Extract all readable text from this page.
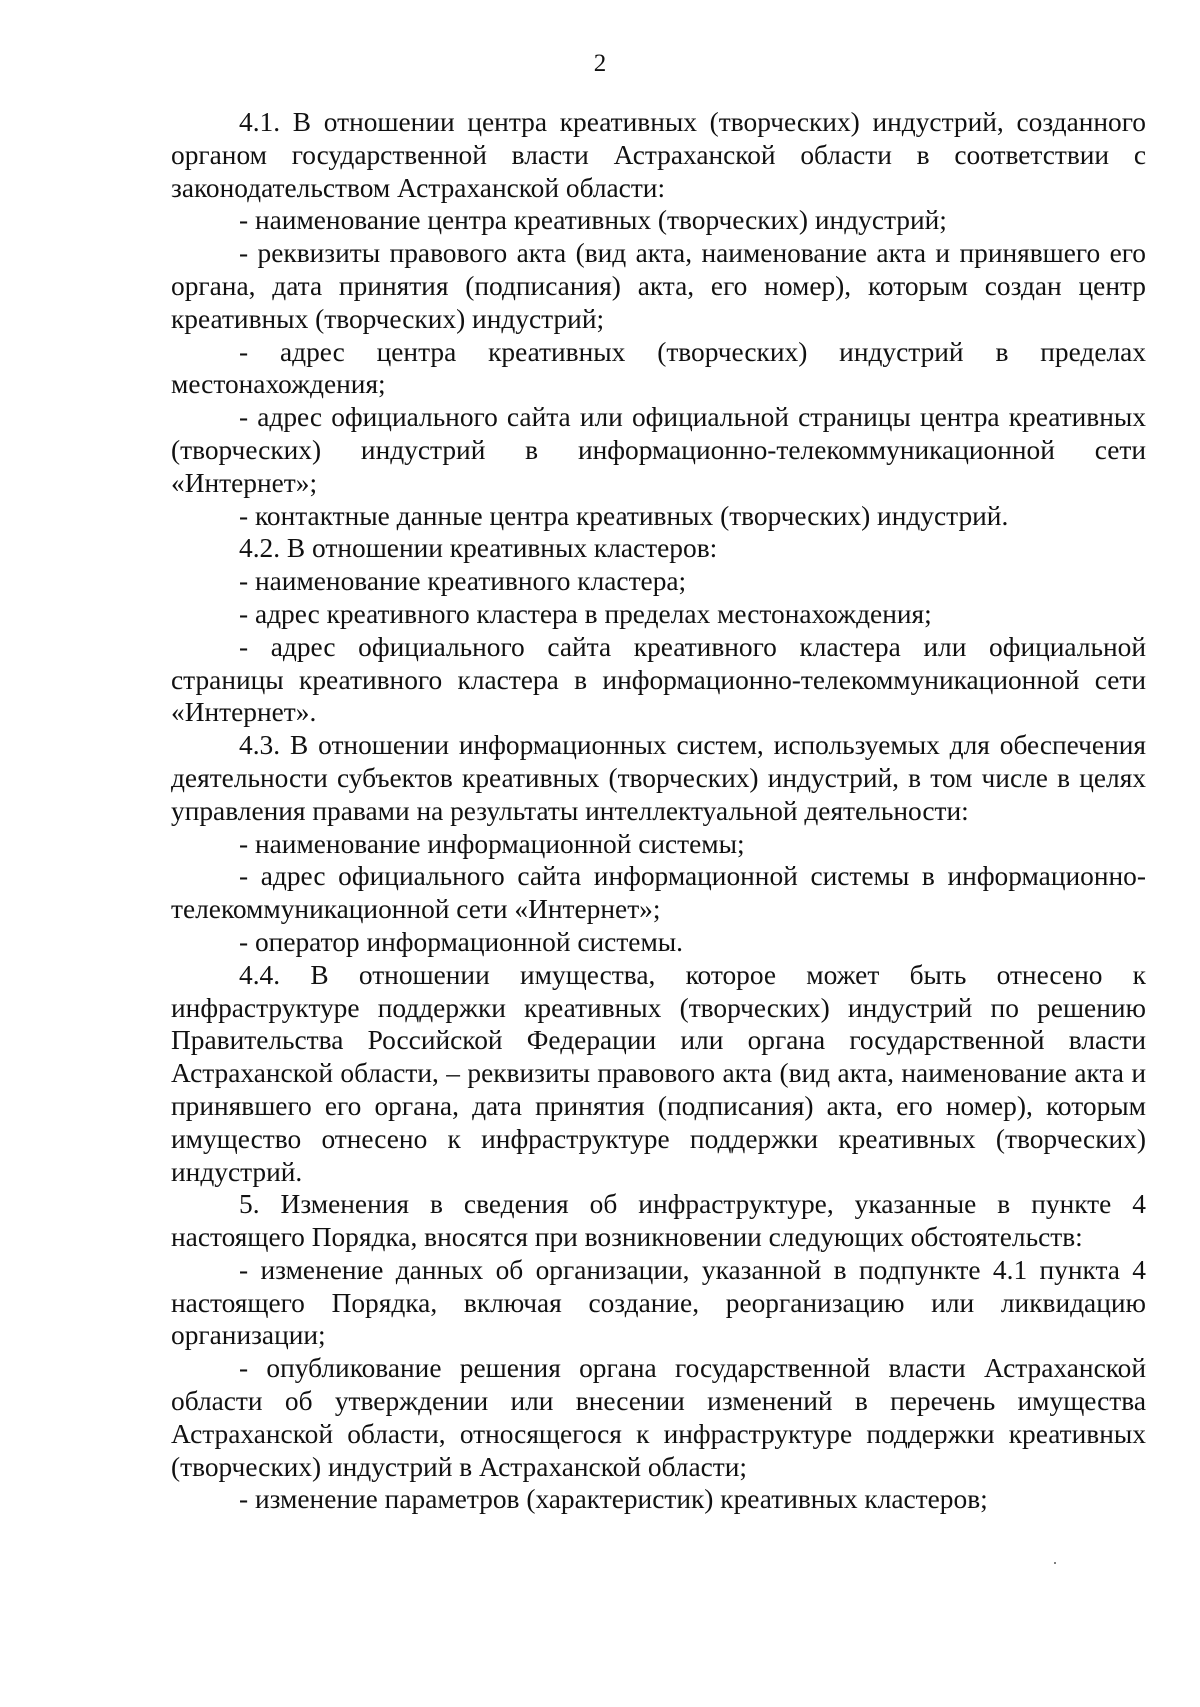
2

4.1. В отношении центра креативных (творческих) индустрий, созданного органом государственной власти Астраханской области в соответствии с законодательством Астраханской области:

- наименование центра креативных (творческих) индустрий;

- реквизиты правового акта (вид акта, наименование акта и принявшего его органа, дата принятия (подписания) акта, его номер), которым создан центр креативных (творческих) индустрий;

- адрес центра креативных (творческих) индустрий в пределах местонахождения;

- адрес официального сайта или официальной страницы центра креативных (творческих) индустрий в информационно-телекоммуникационной сети «Интернет»;

- контактные данные центра креативных (творческих) индустрий.

4.2. В отношении креативных кластеров:

- наименование креативного кластера;

- адрес креативного кластера в пределах местонахождения;

- адрес официального сайта креативного кластера или официальной страницы креативного кластера в информационно-телекоммуникационной сети «Интернет».

4.3. В отношении информационных систем, используемых для обеспечения деятельности субъектов креативных (творческих) индустрий, в том числе в целях управления правами на результаты интеллектуальной деятельности:

- наименование информационной системы;

- адрес официального сайта информационной системы в информационно-телекоммуникационной сети «Интернет»;

- оператор информационной системы.

4.4. В отношении имущества, которое может быть отнесено к инфраструктуре поддержки креативных (творческих) индустрий по решению Правительства Российской Федерации или органа государственной власти Астраханской области, – реквизиты правового акта (вид акта, наименование акта и принявшего его органа, дата принятия (подписания) акта, его номер), которым имущество отнесено к инфраструктуре поддержки креативных (творческих) индустрий.

5. Изменения в сведения об инфраструктуре, указанные в пункте 4 настоящего Порядка, вносятся при возникновении следующих обстоятельств:

- изменение данных об организации, указанной в подпункте 4.1 пункта 4 настоящего Порядка, включая создание, реорганизацию или ликвидацию организации;

- опубликование решения органа государственной власти Астраханской области об утверждении или внесении изменений в перечень имущества Астраханской области, относящегося к инфраструктуре поддержки креативных (творческих) индустрий в Астраханской области;

- изменение параметров (характеристик) креативных кластеров;
